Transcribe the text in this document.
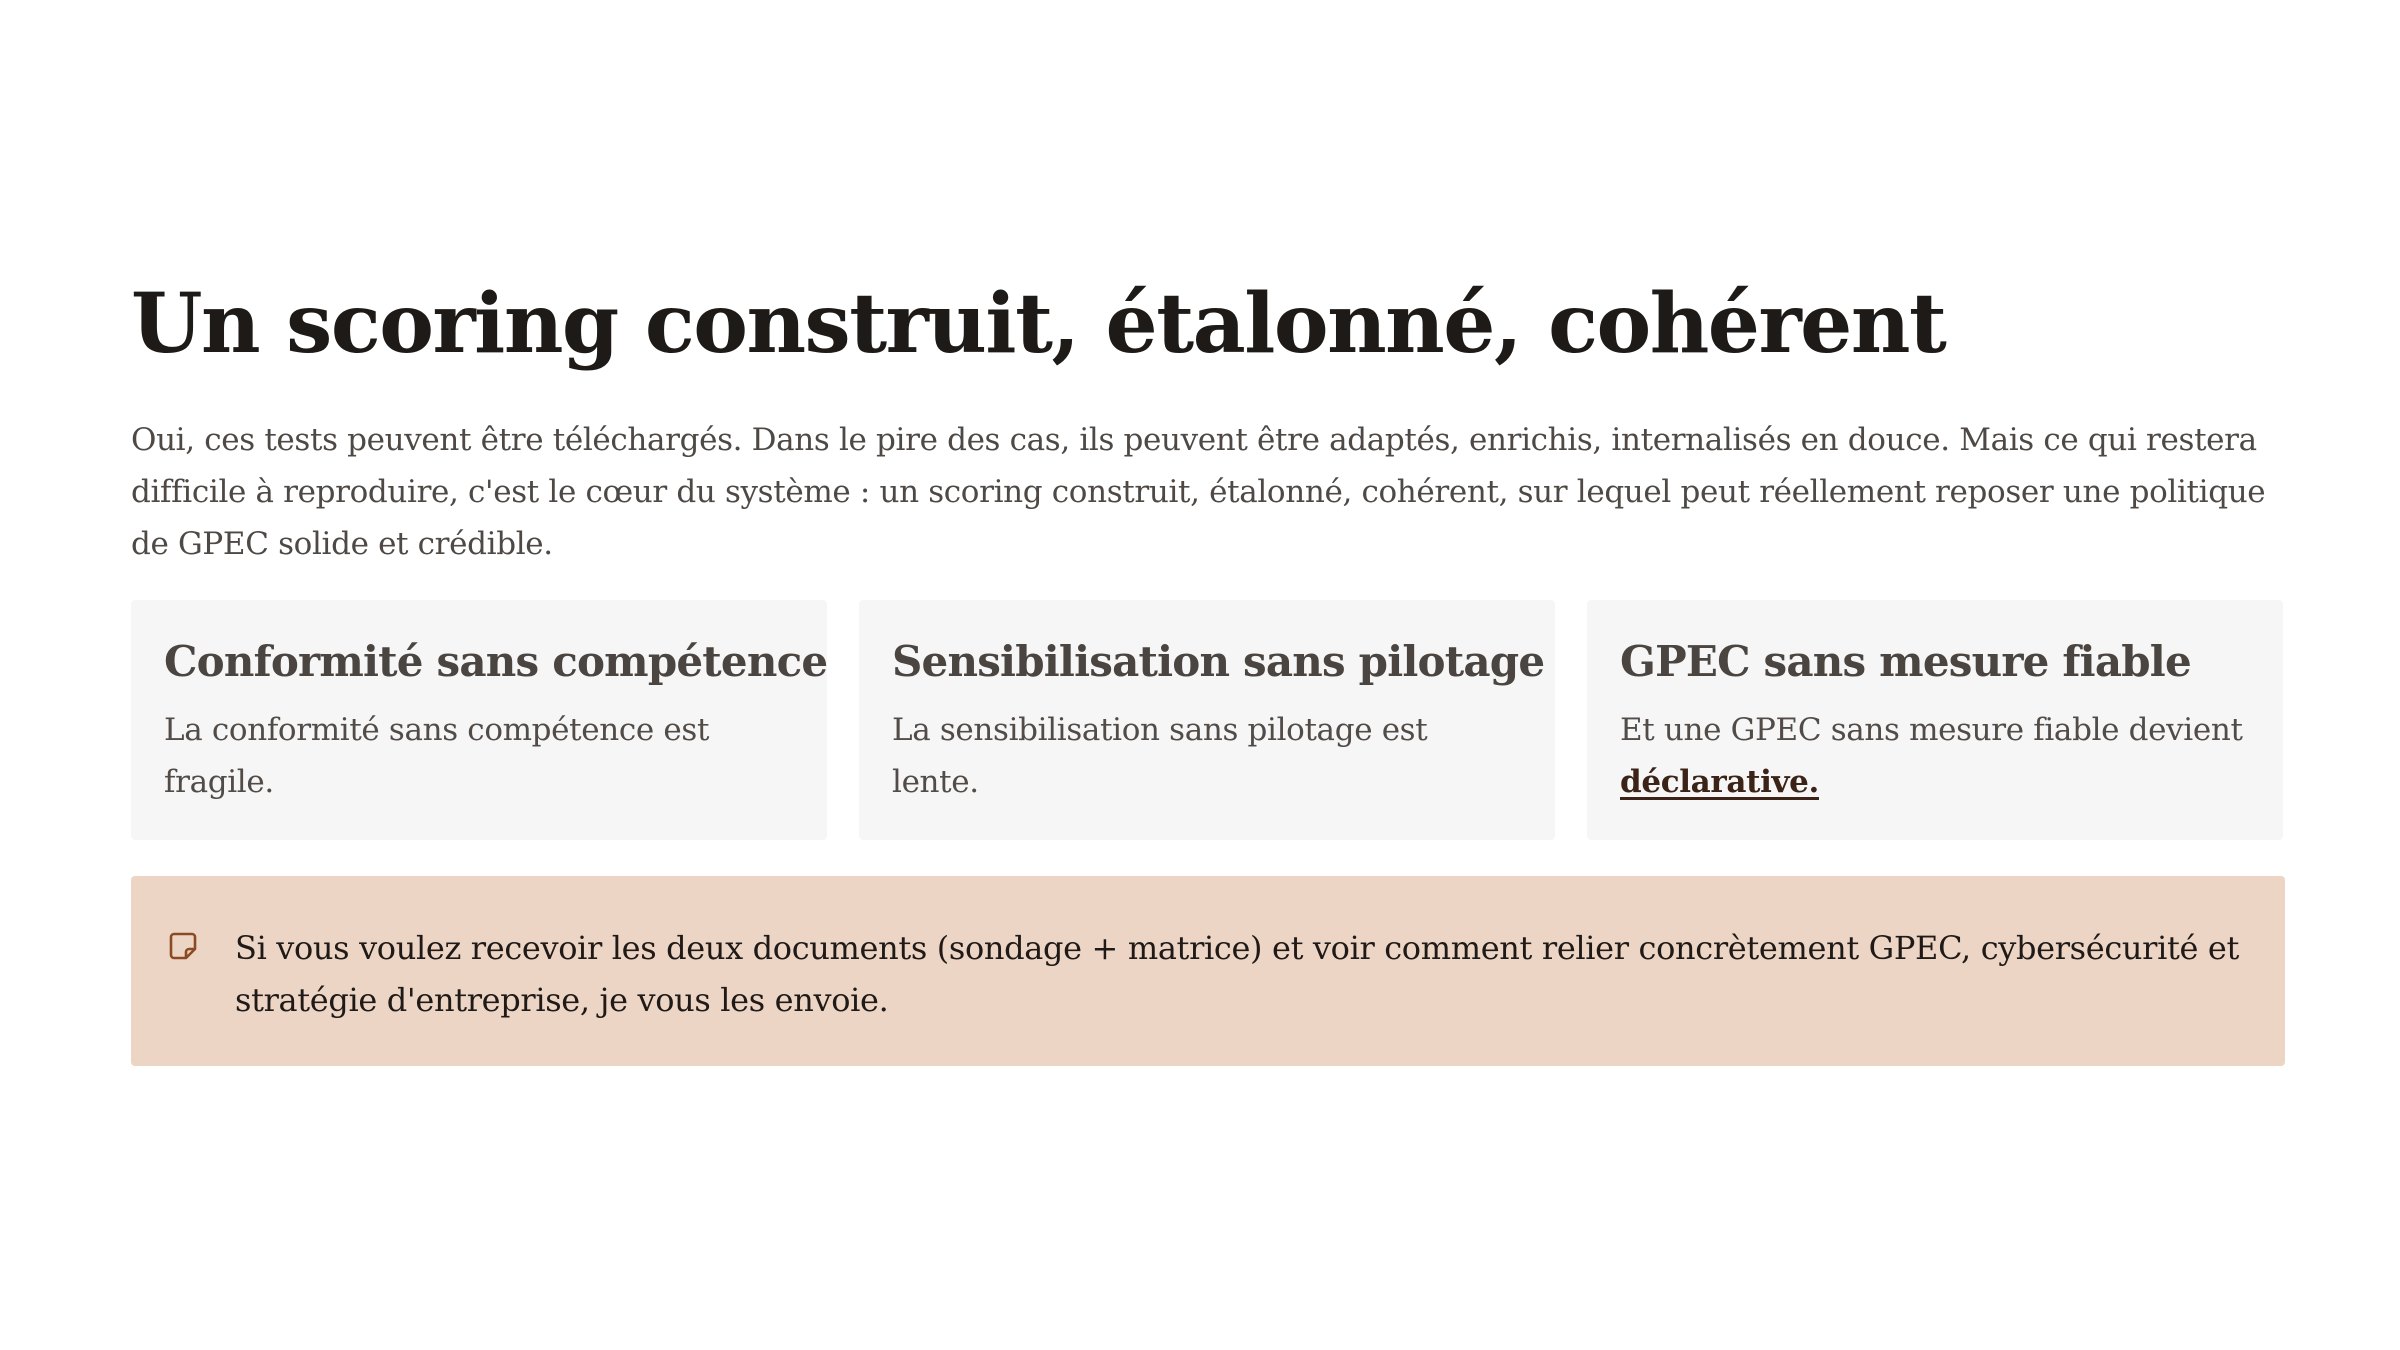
Un scoring construit, étalonné, cohérent

Oui, ces tests peuvent être téléchargés. Dans le pire des cas, ils peuvent être adaptés, enrichis, internalisés en douce. Mais ce qui restera difficile à reproduire, c'est le cœur du système : un scoring construit, étalonné, cohérent, sur lequel peut réellement reposer une politique de GPEC solide et crédible.

Conformité sans compétence

La conformité sans compétence est fragile.

Sensibilisation sans pilotage

La sensibilisation sans pilotage est lente.

GPEC sans mesure fiable

Et une GPEC sans mesure fiable devient déclarative.

Si vous voulez recevoir les deux documents (sondage + matrice) et voir comment relier concrètement GPEC, cybersécurité et stratégie d'entreprise, je vous les envoie.
